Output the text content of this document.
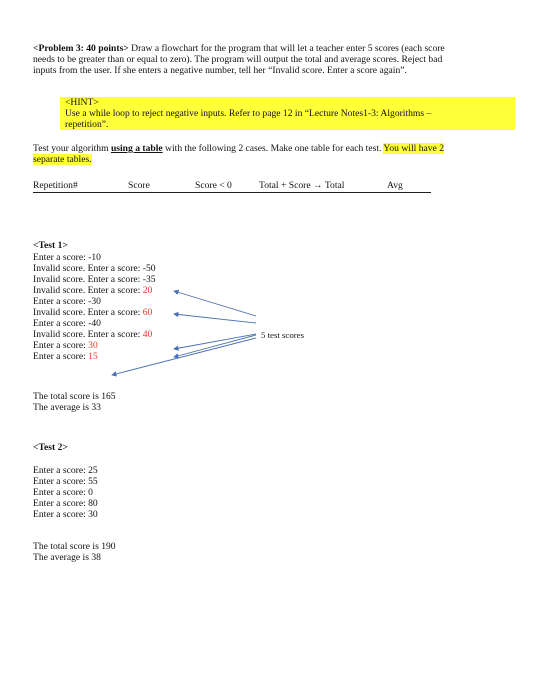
<Problem 3: 40 points> Draw a flowchart for the program that will let a teacher enter 5 scores (each score
needs to be greater than or equal to zero). The program will output the total and average scores. Reject bad
inputs from the user. If she enters a negative number, tell her “Invalid score. Enter a score again”.
<HINT>
Use a while loop to reject negative inputs. Refer to page 12 in “Lecture Notes1-3: Algorithms –
repetition”.
Test your algorithm using a table with the following 2 cases. Make one table for each test. You will have 2
separate tables.
Repetition#	Score	Score < 0	Total + Score → Total	Avg
<Test 1>
Enter a score: -10
Invalid score. Enter a score: -50
Invalid score. Enter a score: -35
Invalid score. Enter a score: 20
Enter a score: -30
Invalid score. Enter a score: 60
Enter a score: -40
Invalid score. Enter a score: 40
Enter a score: 30
Enter a score: 15
5 test scores
The total score is 165
The average is 33
<Test 2>
Enter a score: 25
Enter a score: 55
Enter a score: 0
Enter a score: 80
Enter a score: 30
The total score is 190
The average is 38
